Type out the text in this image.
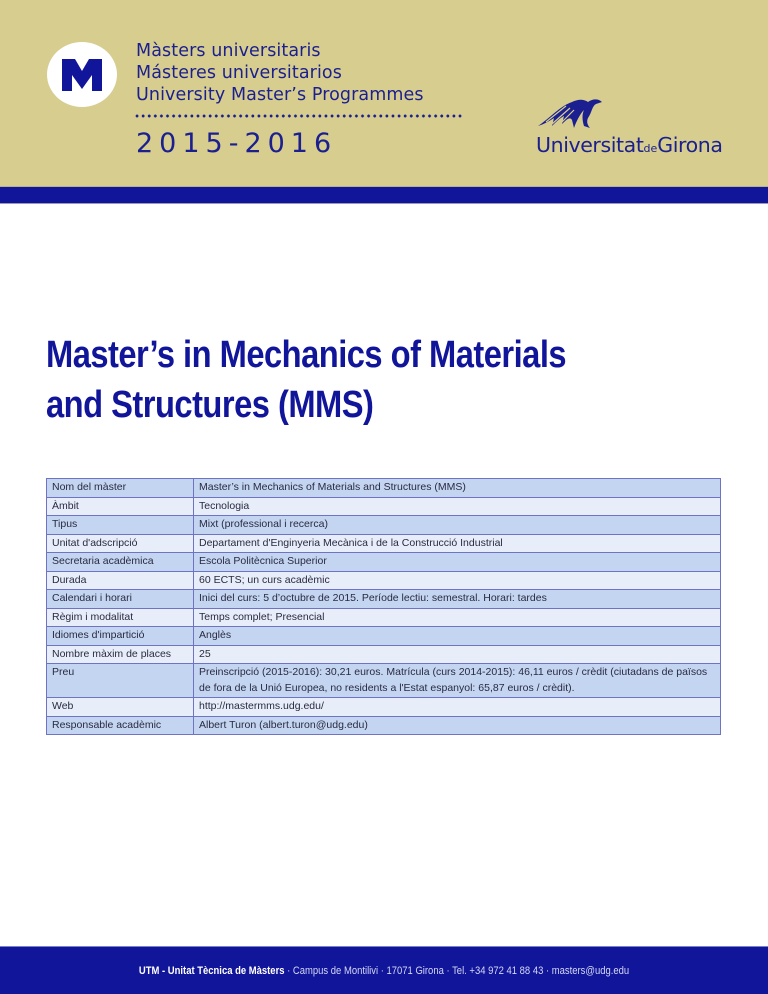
Màsters universitaris
Másteres universitarios
University Master’s Programmes
2015-2016	UniversitatdeGirona
Master’s in Mechanics of Materials
and Structures (MMS)
Nom del màster	Master’s in Mechanics of Materials and Structures (MMS)
Àmbit	Tecnologia
Tipus	Mixt (professional i recerca)
Unitat d'adscripció	Departament d'Enginyeria Mecànica i de la Construcció Industrial
Secretaria acadèmica	Escola Politècnica Superior
Durada	60 ECTS; un curs acadèmic
Calendari i horari	Inici del curs: 5 d’octubre de 2015. Període lectiu: semestral. Horari: tardes
Règim i modalitat	Temps complet; Presencial
Idiomes d'impartició	Anglès
Nombre màxim de places	25
Preu	Preinscripció (2015-2016): 30,21 euros. Matrícula (curs 2014-2015): 46,11 euros / crèdit (ciutadans de països de fora de la Unió Europea, no residents a l'Estat espanyol: 65,87 euros / crèdit).
Web	http://mastermms.udg.edu/
Responsable acadèmic	Albert Turon (albert.turon@udg.edu)
UTM - Unitat Tècnica de Màsters · Campus de Montilivi · 17071 Girona · Tel. +34 972 41 88 43 · masters@udg.edu
